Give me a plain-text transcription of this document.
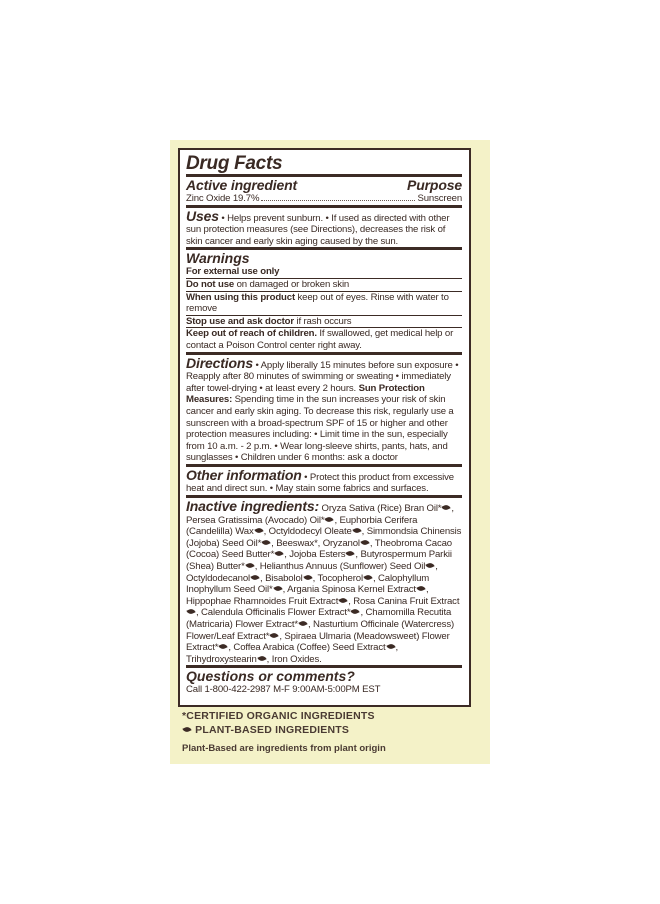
Drug Facts
Active ingredient	Purpose
Zinc Oxide 19.7%	Sunscreen

Uses • Helps prevent sunburn. • If used as directed with other sun protection measures (see Directions), decreases the risk of skin cancer and early skin aging caused by the sun.

Warnings

For external use only

Do not use on damaged or broken skin

When using this product keep out of eyes. Rinse with water to remove

Stop use and ask doctor if rash occurs

Keep out of reach of children. If swallowed, get medical help or contact a Poison Control center right away.

Directions • Apply liberally 15 minutes before sun exposure • Reapply after 80 minutes of swimming or sweating • immediately after towel-drying • at least every 2 hours. Sun Protection Measures: Spending time in the sun increases your risk of skin cancer and early skin aging. To decrease this risk, regularly use a sunscreen with a broad-spectrum SPF of 15 or higher and other protection measures including: • Limit time in the sun, especially from 10 a.m. - 2 p.m. • Wear long-sleeve shirts, pants, hats, and sunglasses • Children under 6 months: ask a doctor

Other information • Protect this product from excessive heat and direct sun. • May stain some fabrics and surfaces.

Inactive ingredients: Oryza Sativa (Rice) Bran Oil* , Persea Gratissima (Avocado) Oil* , Euphorbia Cerifera (Candelilla) Wax , Octyldodecyl Oleate , Simmondsia Chinensis (Jojoba) Seed Oil* , Beeswax*, Oryzanol , Theobroma Cacao (Cocoa) Seed Butter* , Jojoba Esters , Butyrospermum Parkii (Shea) Butter* , Helianthus Annuus (Sunflower) Seed Oil , Octyldodecanol , Bisabolol , Tocopherol , Calophyllum Inophyllum Seed Oil* , Argania Spinosa Kernel Extract , Hippophae Rhamnoides Fruit Extract , Rosa Canina Fruit Extract, Calendula Officinalis Flower Extract* , Chamomilla Recutita (Matricaria) Flower Extract* , Nasturtium Officinale (Watercress) Flower/Leaf Extract* , Spiraea Ulmaria (Meadowsweet) Flower Extract* , Coffea Arabica (Coffee) Seed Extract , Trihydroxystearin , Iron Oxides.

Questions or comments?

Call 1-800-422-2987 M-F 9:00AM-5:00PM EST

*CERTIFIED ORGANIC INGREDIENTS
PLANT-BASED INGREDIENTS
Plant-Based are ingredients from plant origin
